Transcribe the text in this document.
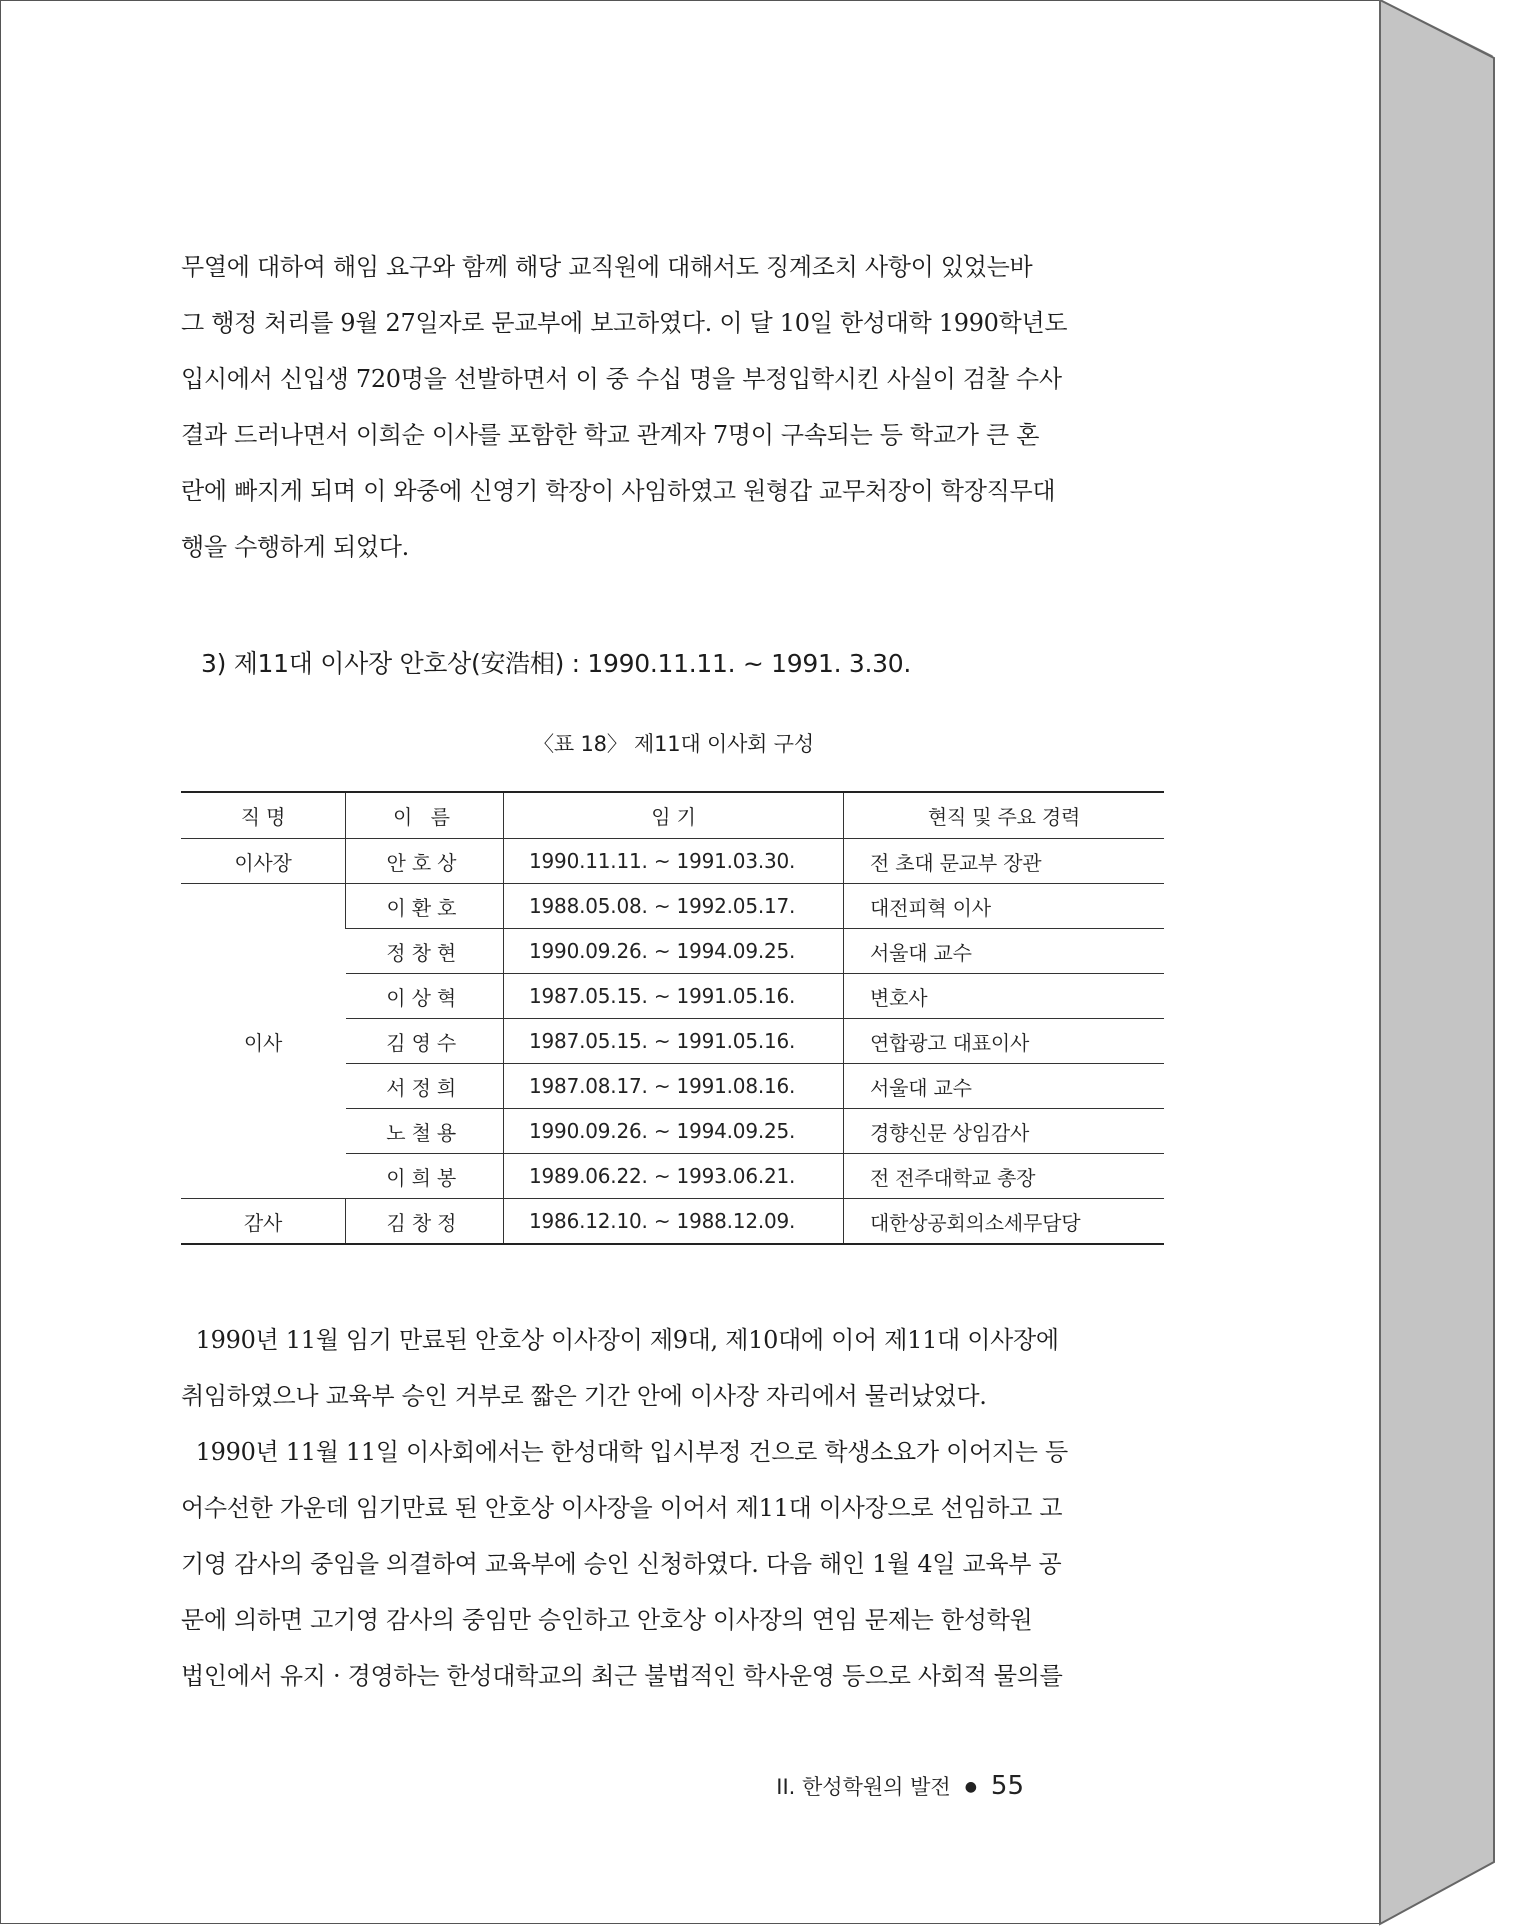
무열에 대하여 해임 요구와 함께 해당 교직원에 대해서도 징계조치 사항이 있었는바
그 행정 처리를 9월 27일자로 문교부에 보고하였다. 이 달 10일 한성대학 1990학년도
입시에서 신입생 720명을 선발하면서 이 중 수십 명을 부정입학시킨 사실이 검찰 수사
결과 드러나면서 이희순 이사를 포함한 학교 관계자 7명이 구속되는 등 학교가 큰 혼
란에 빠지게 되며 이 와중에 신영기 학장이 사임하였고 원형갑 교무처장이 학장직무대
행을 수행하게 되었다.

3) 제11대 이사장 안호상(安浩相) : 1990.11.11. ~ 1991. 3.30.

〈표 18〉 제11대 이사회 구성

직 명	이 름	임 기	현직 및 주요 경력
이사장	안호상	1990.11.11. ~ 1991.03.30.	전 초대 문교부 장관
이사	이환호	1988.05.08. ~ 1992.05.17.	대전피혁 이사
	정창현	1990.09.26. ~ 1994.09.25.	서울대 교수
	이상혁	1987.05.15. ~ 1991.05.16.	변호사
	김영수	1987.05.15. ~ 1991.05.16.	연합광고 대표이사
	서정희	1987.08.17. ~ 1991.08.16.	서울대 교수
	노철용	1990.09.26. ~ 1994.09.25.	경향신문 상임감사
	이희봉	1989.06.22. ~ 1993.06.21.	전 전주대학교 총장
감사	김창정	1986.12.10. ~ 1988.12.09.	대한상공회의소세무담당

1990년 11월 임기 만료된 안호상 이사장이 제9대, 제10대에 이어 제11대 이사장에
취임하였으나 교육부 승인 거부로 짧은 기간 안에 이사장 자리에서 물러났었다.
1990년 11월 11일 이사회에서는 한성대학 입시부정 건으로 학생소요가 이어지는 등
어수선한 가운데 임기만료 된 안호상 이사장을 이어서 제11대 이사장으로 선임하고 고
기영 감사의 중임을 의결하여 교육부에 승인 신청하였다. 다음 해인 1월 4일 교육부 공
문에 의하면 고기영 감사의 중임만 승인하고 안호상 이사장의 연임 문제는 한성학원
법인에서 유지 · 경영하는 한성대학교의 최근 불법적인 학사운영 등으로 사회적 물의를

II. 한성학원의 발전 ● 55
